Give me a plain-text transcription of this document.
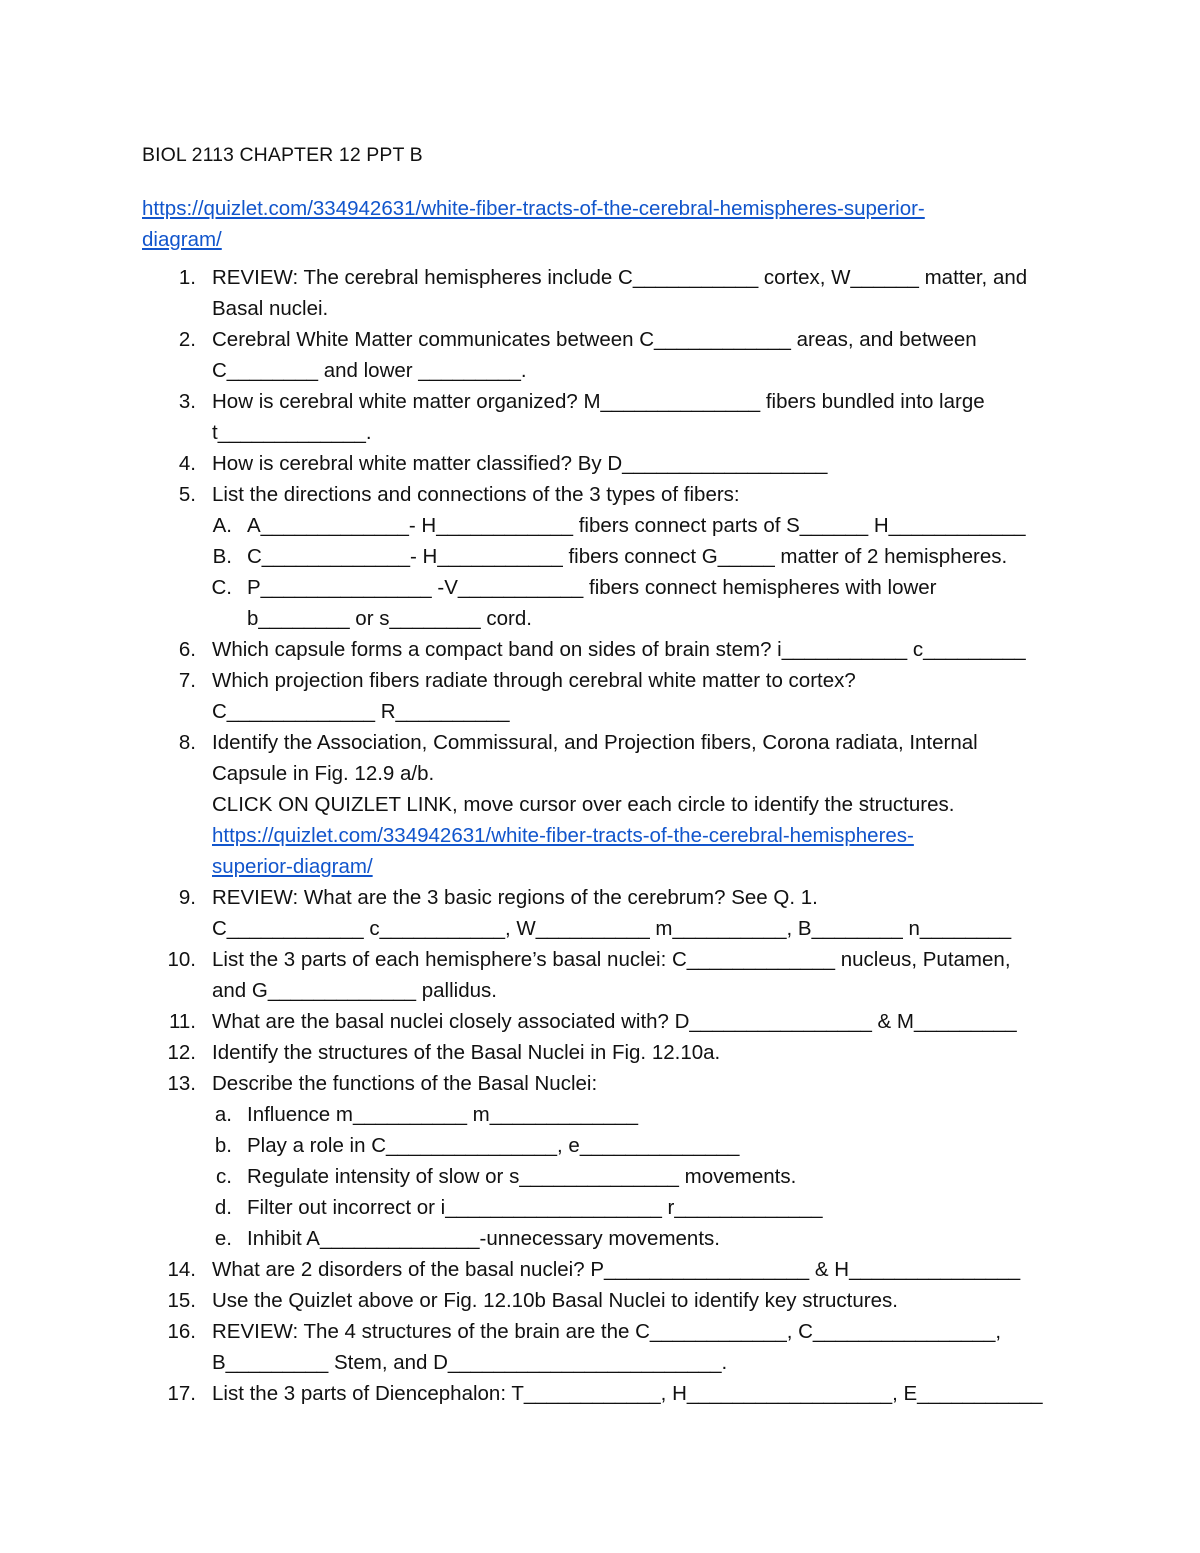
BIOL 2113 CHAPTER 12 PPT B
https://quizlet.com/334942631/white-fiber-tracts-of-the-cerebral-hemispheres-superior-
diagram/
1. REVIEW: The cerebral hemispheres include C___________ cortex, W______ matter, and
Basal nuclei.
2. Cerebral White Matter communicates between C____________ areas, and between
C________ and lower _________.
3. How is cerebral white matter organized? M______________ fibers bundled into large
t_____________.
4. How is cerebral white matter classified? By D__________________
5. List the directions and connections of the 3 types of fibers:
A. A_____________- H____________ fibers connect parts of S______ H____________
B. C_____________- H___________ fibers connect G_____ matter of 2 hemispheres.
C. P_______________ -V___________ fibers connect hemispheres with lower
b________ or s________ cord.
6. Which capsule forms a compact band on sides of brain stem? i___________ c_________
7. Which projection fibers radiate through cerebral white matter to cortex?
C_____________ R__________
8. Identify the Association, Commissural, and Projection fibers, Corona radiata, Internal
Capsule in Fig. 12.9 a/b.
CLICK ON QUIZLET LINK, move cursor over each circle to identify the structures.
https://quizlet.com/334942631/white-fiber-tracts-of-the-cerebral-hemispheres-
superior-diagram/
9. REVIEW: What are the 3 basic regions of the cerebrum? See Q. 1.
C____________ c___________, W__________ m__________, B________ n________
10. List the 3 parts of each hemisphere’s basal nuclei: C_____________ nucleus, Putamen,
and G_____________ pallidus.
11. What are the basal nuclei closely associated with? D________________ & M_________
12. Identify the structures of the Basal Nuclei in Fig. 12.10a.
13. Describe the functions of the Basal Nuclei:
a. Influence m__________ m_____________
b. Play a role in C_______________, e______________
c. Regulate intensity of slow or s______________ movements.
d. Filter out incorrect or i___________________ r_____________
e. Inhibit A______________-unnecessary movements.
14. What are 2 disorders of the basal nuclei? P__________________ & H_______________
15. Use the Quizlet above or Fig. 12.10b Basal Nuclei to identify key structures.
16. REVIEW: The 4 structures of the brain are the C____________, C________________,
B_________ Stem, and D________________________.
17. List the 3 parts of Diencephalon: T____________, H__________________, E___________
